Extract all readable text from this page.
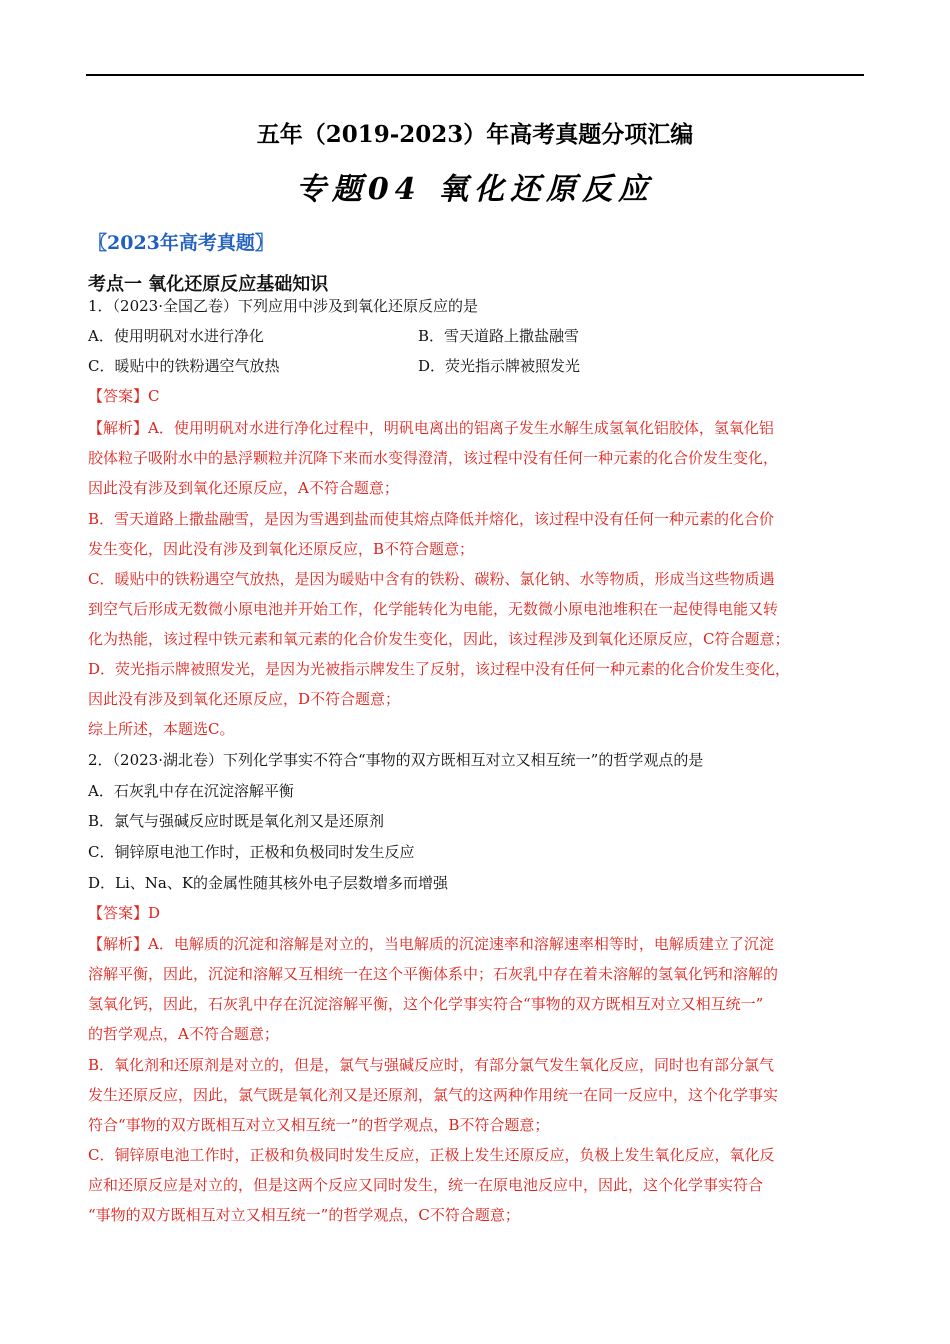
五年（2019-2023）年高考真题分项汇编
专题04 氧化还原反应
〖2023年高考真题〗
考点一 氧化还原反应基础知识
1．（2023·全国乙卷）下列应用中涉及到氧化还原反应的是
A．使用明矾对水进行净化	B．雪天道路上撒盐融雪
C．暖贴中的铁粉遇空气放热	D．荧光指示牌被照发光
【答案】C
【解析】A．使用明矾对水进行净化过程中，明矾电离出的铝离子发生水解生成氢氧化铝胶体，氢氧化铝
胶体粒子吸附水中的悬浮颗粒并沉降下来而水变得澄清，该过程中没有任何一种元素的化合价发生变化，
因此没有涉及到氧化还原反应，A不符合题意；
B．雪天道路上撒盐融雪，是因为雪遇到盐而使其熔点降低并熔化，该过程中没有任何一种元素的化合价
发生变化，因此没有涉及到氧化还原反应，B不符合题意；
C．暖贴中的铁粉遇空气放热，是因为暖贴中含有的铁粉、碳粉、氯化钠、水等物质，形成当这些物质遇
到空气后形成无数微小原电池并开始工作，化学能转化为电能，无数微小原电池堆积在一起使得电能又转
化为热能，该过程中铁元素和氧元素的化合价发生变化，因此，该过程涉及到氧化还原反应，C符合题意；
D．荧光指示牌被照发光，是因为光被指示牌发生了反射，该过程中没有任何一种元素的化合价发生变化，
因此没有涉及到氧化还原反应，D不符合题意；
综上所述，本题选C。
2．（2023·湖北卷）下列化学事实不符合“事物的双方既相互对立又相互统一”的哲学观点的是
A．石灰乳中存在沉淀溶解平衡
B．氯气与强碱反应时既是氧化剂又是还原剂
C．铜锌原电池工作时，正极和负极同时发生反应
D．Li、Na、K的金属性随其核外电子层数增多而增强
【答案】D
【解析】A．电解质的沉淀和溶解是对立的，当电解质的沉淀速率和溶解速率相等时，电解质建立了沉淀
溶解平衡，因此，沉淀和溶解又互相统一在这个平衡体系中；石灰乳中存在着未溶解的氢氧化钙和溶解的
氢氧化钙，因此，石灰乳中存在沉淀溶解平衡，这个化学事实符合“事物的双方既相互对立又相互统一”
的哲学观点，A不符合题意；
B．氧化剂和还原剂是对立的，但是，氯气与强碱反应时，有部分氯气发生氧化反应，同时也有部分氯气
发生还原反应，因此，氯气既是氧化剂又是还原剂，氯气的这两种作用统一在同一反应中，这个化学事实
符合“事物的双方既相互对立又相互统一”的哲学观点，B不符合题意；
C．铜锌原电池工作时，正极和负极同时发生反应，正极上发生还原反应，负极上发生氧化反应，氧化反
应和还原反应是对立的，但是这两个反应又同时发生，统一在原电池反应中，因此，这个化学事实符合
“事物的双方既相互对立又相互统一”的哲学观点，C不符合题意；
